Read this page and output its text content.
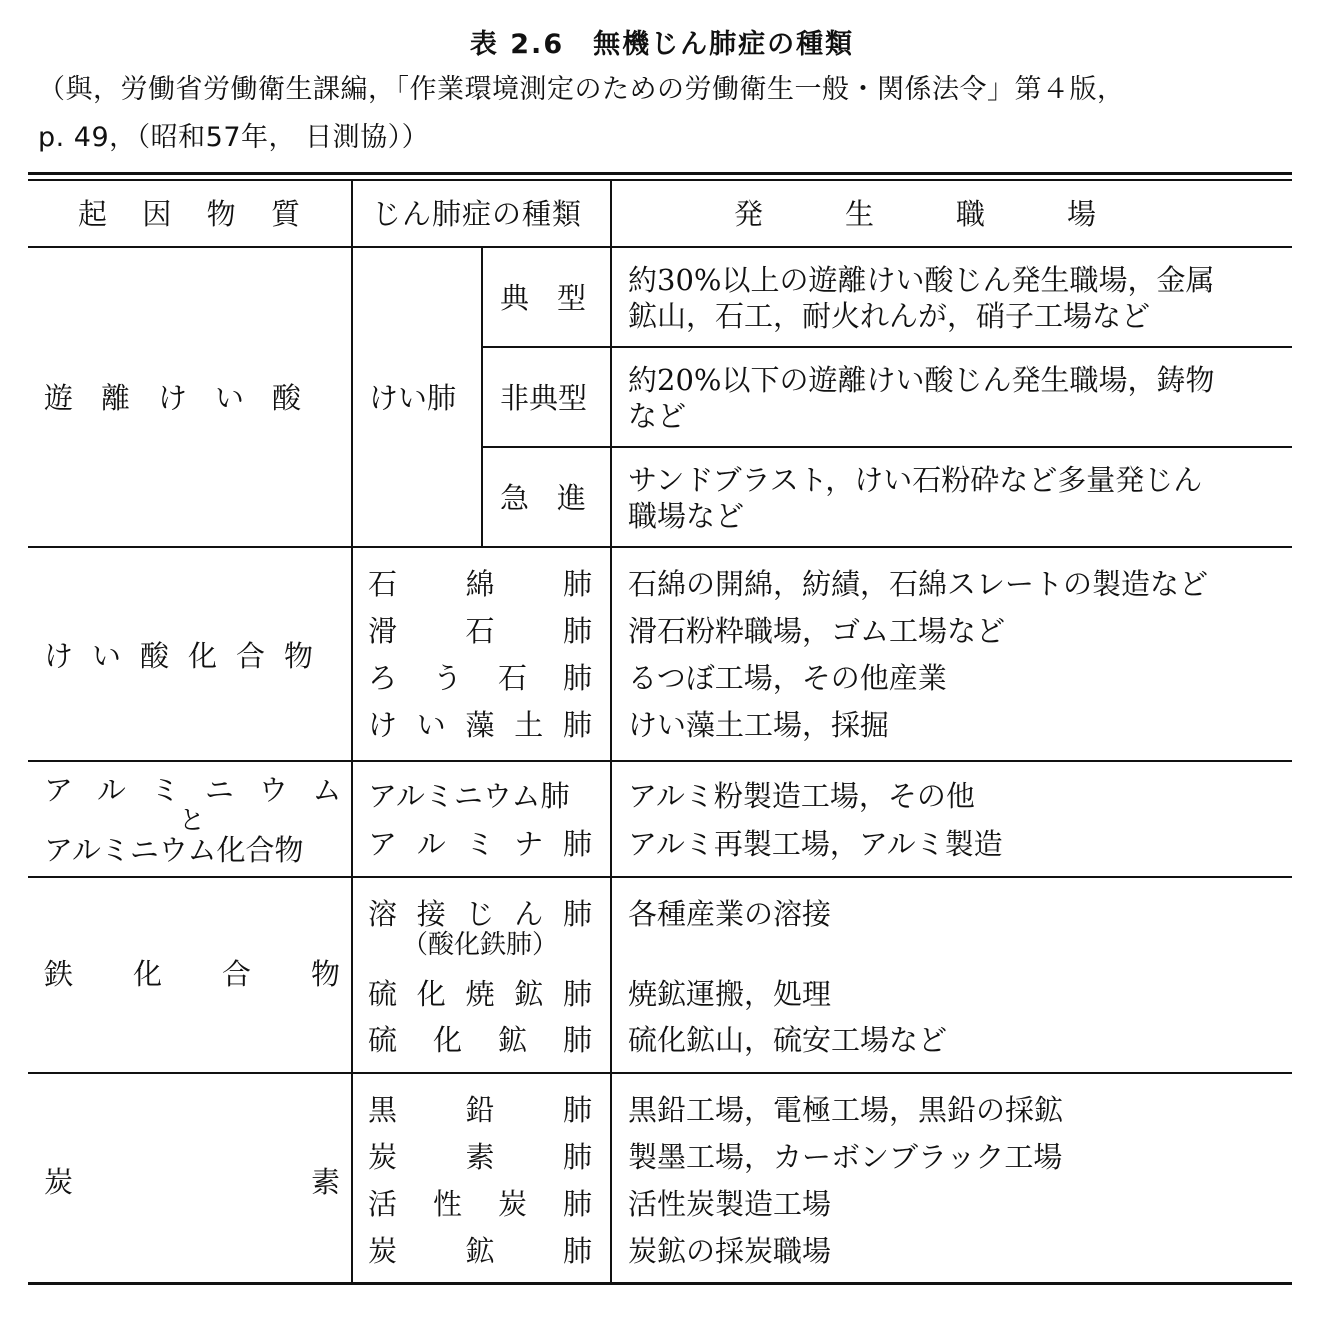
表 2.6　無機じん肺症の種類
（與，労働省労働衛生課編，「作業環境測定のための労働衛生一般・関係法令」第４版，
p. 49，（昭和57年， 日測協））
起 因 物 質 じん肺症の種類	発生職場
遊離けい酸 けい肺
典型
非典型
急進
約30%以上の遊離けい酸じん発生職場，金属
鉱山，石工，耐火れんが，硝子工場など
約20%以下の遊離けい酸じん発生職場，鋳物
など
サンドブラスト，けい石粉砕など多量発じん
職場など
けい酸化合物
石 綿 肺
滑 石 肺
ろ う 石 肺
け い 藻 土 肺
石綿の開綿，紡績，石綿スレートの製造など
滑石粉粋職場，ゴム工場など
るつぼ工場，その他産業
けい藻土工場，採掘
アルミニウム
と
アルミニウム化合物
アルミニウム肺
ア ル ミ ナ 肺
アルミ粉製造工場，その他
アルミ再製工場，アルミ製造
鉄 化 合 物
溶 接 じ ん 肺
（酸化鉄肺）
硫 化 焼 鉱 肺
硫 化 鉱 肺
各種産業の溶接
焼鉱運搬，処理
硫化鉱山，硫安工場など
炭	素
黒 鉛 肺
炭 素 肺
活 性 炭 肺
炭 鉱 肺
黒鉛工場，電極工場，黒鉛の採鉱
製墨工場，カーボンブラック工場
活性炭製造工場
炭鉱の採炭職場
